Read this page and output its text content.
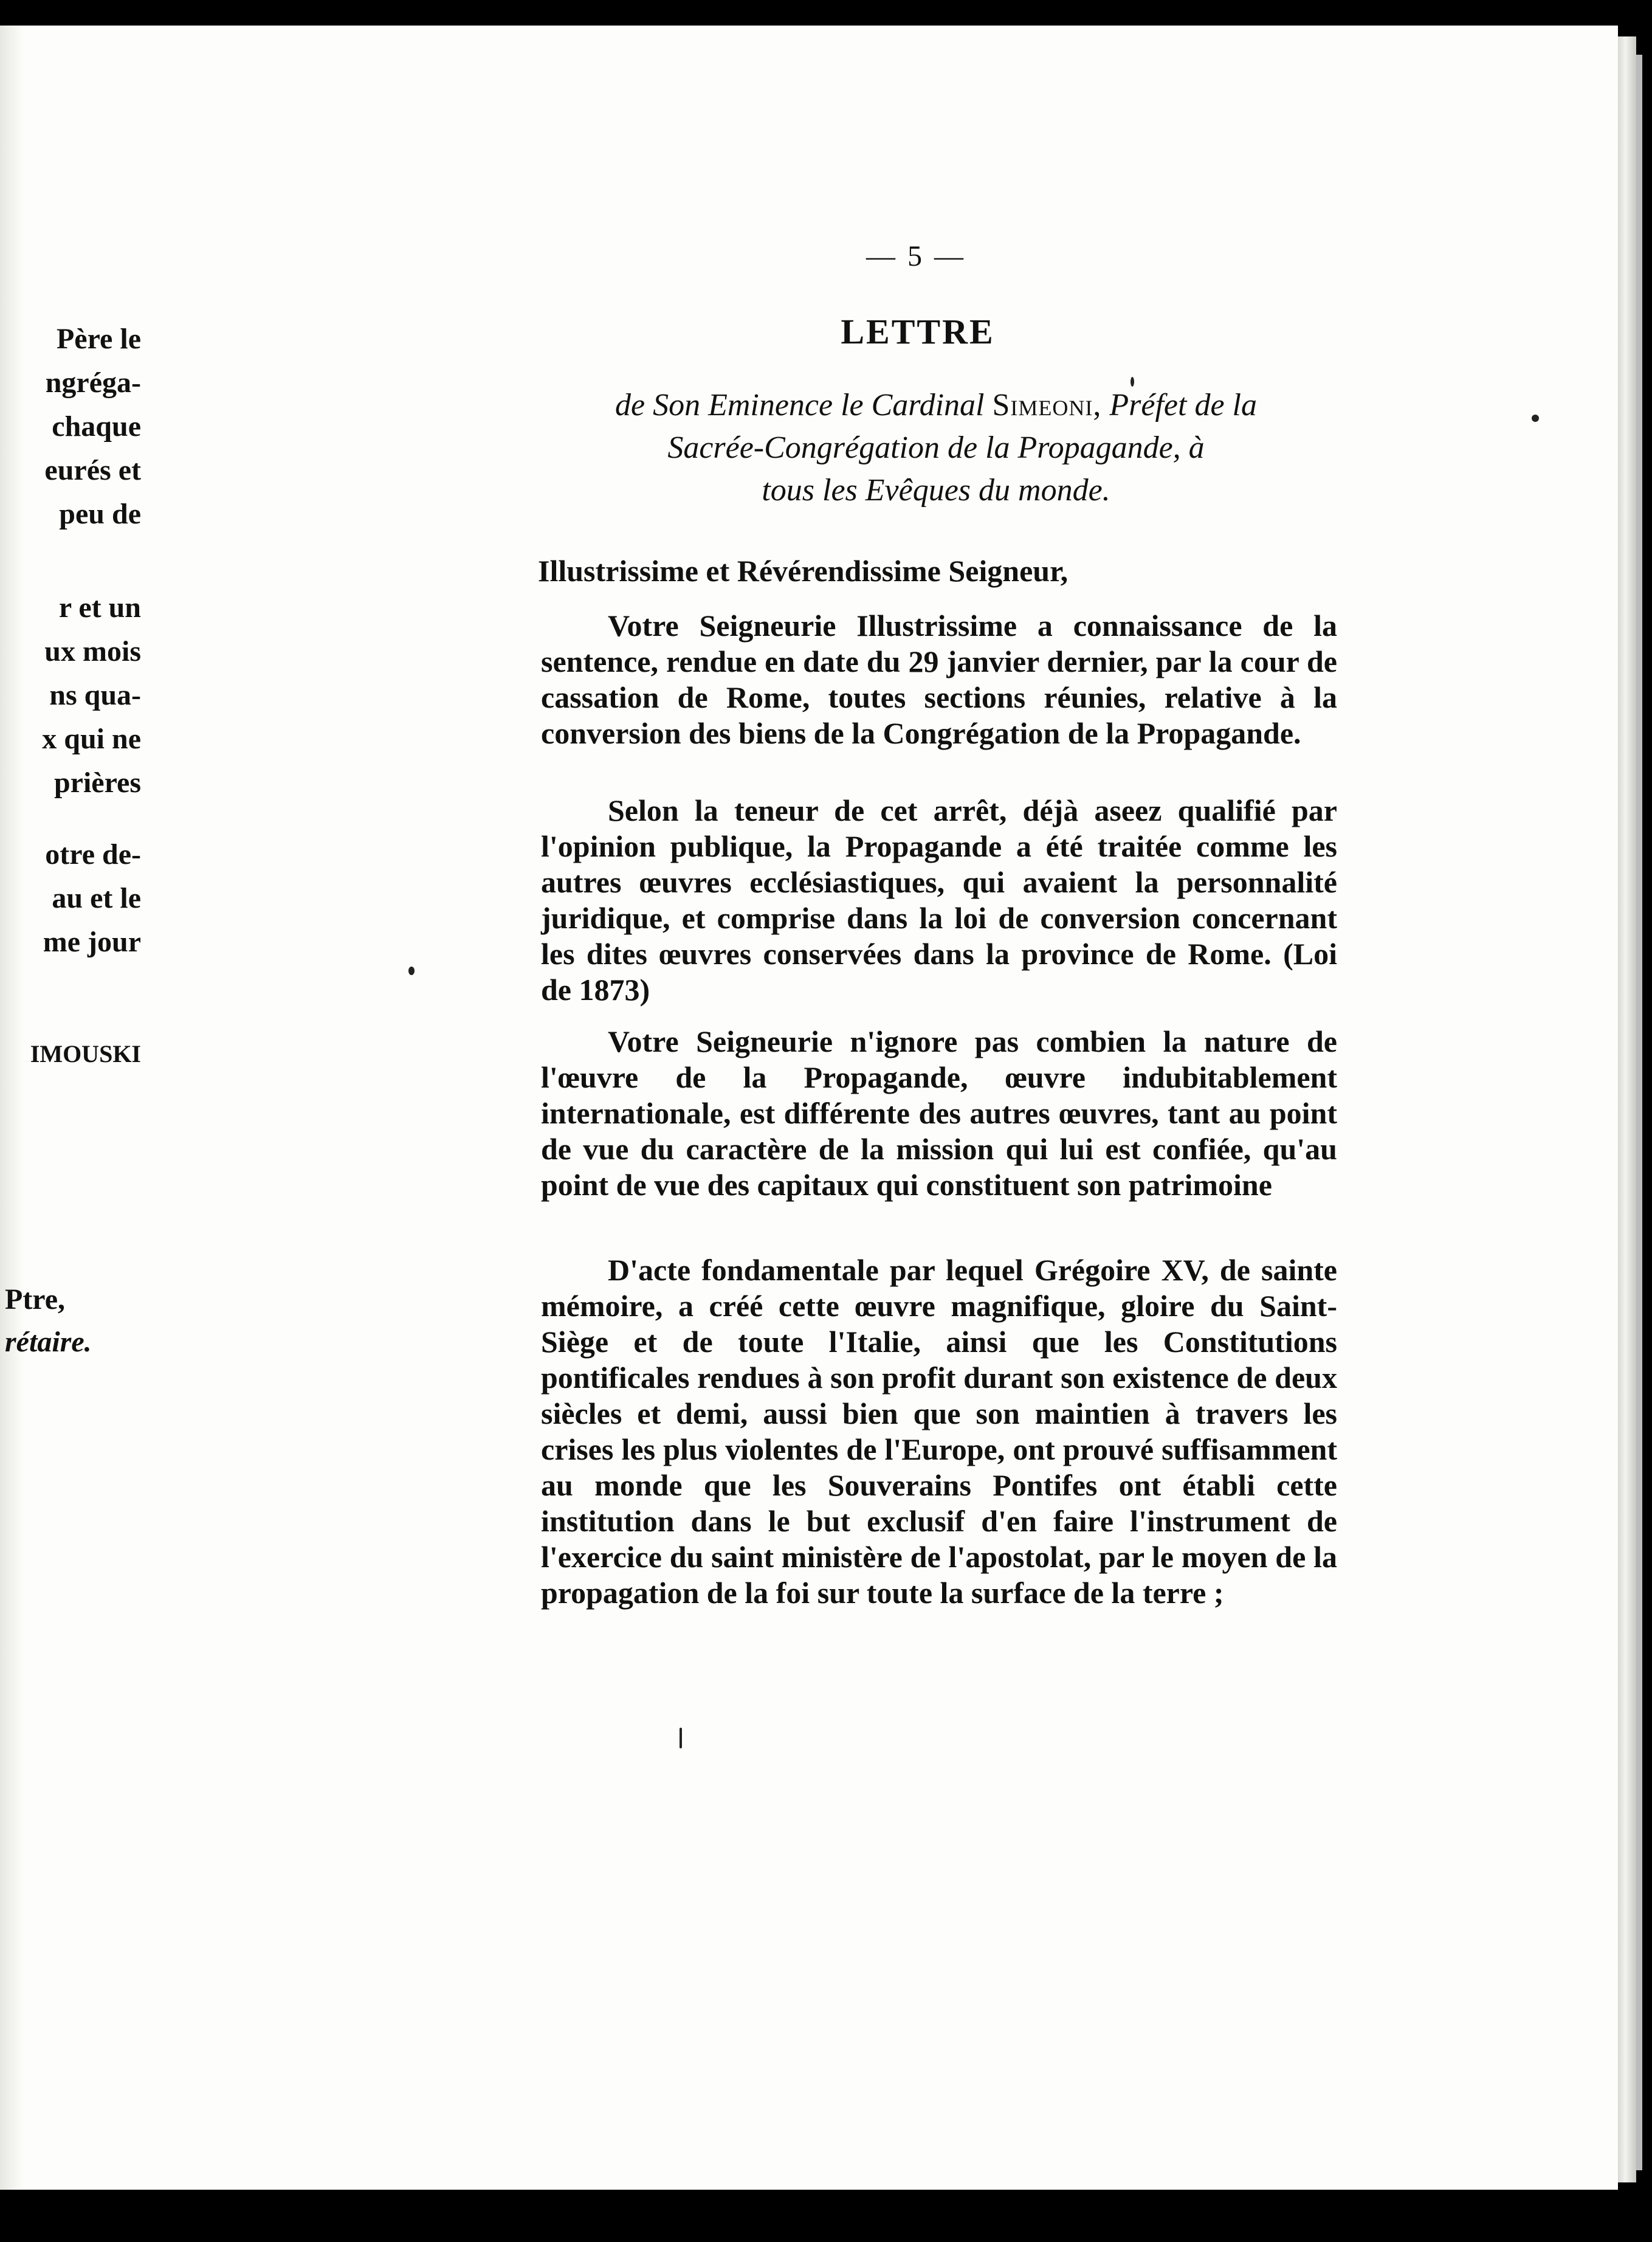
Père le
ngréga-
chaque
eurés et
peu de
r et un
ux mois
ns qua-
x qui ne
prières
otre de-
au et le
me jour
IMOUSKI
Ptre,
rétaire.
— 5 —
LETTRE
de Son Eminence le Cardinal Simeoni, Préfet de la
Sacrée-Congrégation de la Propagande, à
tous les Evêques du monde.
Illustrissime et Révérendissime Seigneur,
Votre Seigneurie Illustrissime a connaissance de la sentence, rendue en date du 29 janvier dernier, par la cour de cassation de Rome, toutes sections réunies, relative à la conversion des biens de la Congrégation de la Propagande.
Selon la teneur de cet arrêt, déjà aseez qualifié par l'opinion publique, la Propagande a été traitée comme les autres œuvres ecclésiastiques, qui avaient la personnalité juridique, et comprise dans la loi de conversion concernant les dites œuvres conservées dans la province de Rome. (Loi de 1873)
Votre Seigneurie n'ignore pas combien la nature de l'œuvre de la Propagande, œuvre indubitablement internationale, est différente des autres œuvres, tant au point de vue du caractère de la mission qui lui est confiée, qu'au point de vue des capitaux qui constituent son patrimoine
D'acte fondamentale par lequel Grégoire XV, de sainte mémoire, a créé cette œuvre magnifique, gloire du Saint-Siège et de toute l'Italie, ainsi que les Constitutions pontificales rendues à son profit durant son existence de deux siècles et demi, aussi bien que son maintien à travers les crises les plus violentes de l'Europe, ont prouvé suffisamment au monde que les Souverains Pontifes ont établi cette institution dans le but exclusif d'en faire l'instrument de l'exercice du saint ministère de l'apostolat, par le moyen de la propagation de la foi sur toute la surface de la terre ;
